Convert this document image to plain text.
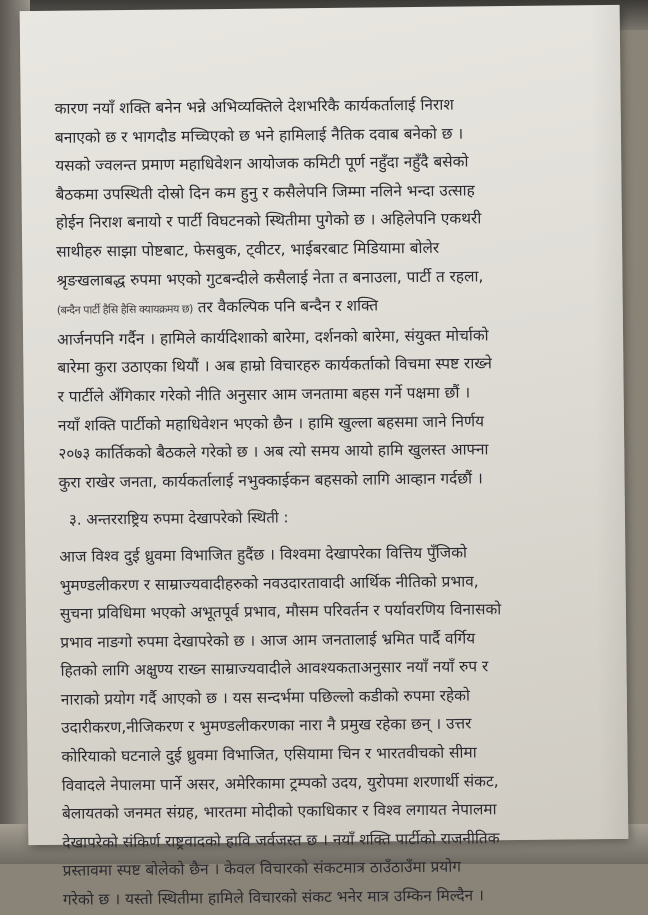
कारण नयाँ शक्ति बनेन भन्ने अभिव्यक्तिले देशभरिकै कार्यकर्तालाई निराश
बनाएको छ र भागदौड मच्चिएको छ भने हामिलाई नैतिक दवाब बनेको छ ।
यसको ज्वलन्त प्रमाण महाधिवेशन आयोजक कमिटी पूर्ण नहुँदा नहुँदै बसेको
बैठकमा उपस्थिती दोस्रो दिन कम हुनु र कसैलेपनि जिम्मा नलिने भन्दा उत्साह
होईन निराश बनायो र पार्टी विघटनको स्थितीमा पुगेको छ । अहिलेपनि एकथरी
साथीहरु साझा पोष्टबाट, फेसबुक, ट्वीटर, भाईबरबाट मिडियामा बोलेर
श्रृङखलाबद्ध रुपमा भएको गुटबन्दीले कसैलाई नेता त बनाउला, पार्टी त रहला,
(बन्दैन पार्टी हैसि हैसि क्यायक्रमय छ) तर वैकल्पिक पनि बन्दैन र शक्ति
आर्जनपनि गर्दैन । हामिले कार्यदिशाको बारेमा, दर्शनको बारेमा, संयुक्त मोर्चाको
बारेमा कुरा उठाएका थियौं । अब हाम्रो विचारहरु कार्यकर्ताको विचमा स्पष्ट राख्ने
र पार्टीले अँगिकार गरेको नीति अनुसार आम जनतामा बहस गर्ने पक्षमा छौं ।
नयाँ शक्ति पार्टीको महाधिवेशन भएको छैन । हामि खुल्ला बहसमा जाने निर्णय
२०७३ कार्तिकको बैठकले गरेको छ । अब त्यो समय आयो हामि खुलस्त आफ्ना
कुरा राखेर जनता, कार्यकर्तालाई नभुक्काईकन बहसको लागि आव्हान गर्दछौं ।
३. अन्तरराष्ट्रिय रुपमा देखापरेको स्थिती :
आज विश्व दुई ध्रुवमा विभाजित हुदैंछ । विश्वमा देखापरेका वित्तिय पुँजिको
भुमण्डलीकरण र साम्राज्यवादीहरुको नवउदारतावादी आर्थिक नीतिको प्रभाव,
सुचना प्रविधिमा भएको अभूतपूर्व प्रभाव, मौसम परिवर्तन र पर्यावरणिय विनासको
प्रभाव नाङगो रुपमा देखापरेको छ । आज आम जनतालाई भ्रमित पार्दै वर्गिय
हितको लागि अक्षुण्य राख्न साम्राज्यवादीले आवश्यकताअनुसार नयाँ नयाँ रुप र
नाराको प्रयोग गर्दै आएको छ । यस सन्दर्भमा पछिल्लो कडीको रुपमा रहेको
उदारीकरण,नीजिकरण र भुमण्डलीकरणका नारा नै प्रमुख रहेका छन् । उत्तर
कोरियाको घटनाले दुई ध्रुवमा विभाजित, एसियामा चिन र भारतवीचको सीमा
विवादले नेपालमा पार्ने असर, अमेरिकामा ट्रम्पको उदय, युरोपमा शरणार्थी संकट,
बेलायतको जनमत संग्रह, भारतमा मोदीको एकाधिकार र विश्व लगायत नेपालमा
देखापरेको संकिर्ण राष्ट्रवादको हावि जर्वजस्त छ । नयाँ शक्ति पार्टीको राजनीतिक
प्रस्तावमा स्पष्ट बोलेको छैन । केवल विचारको संकटमात्र ठाउँठाउँमा प्रयोग
गरेको छ । यस्तो स्थितीमा हामिले विचारको संकट भनेर मात्र उम्किन मिल्दैन ।
